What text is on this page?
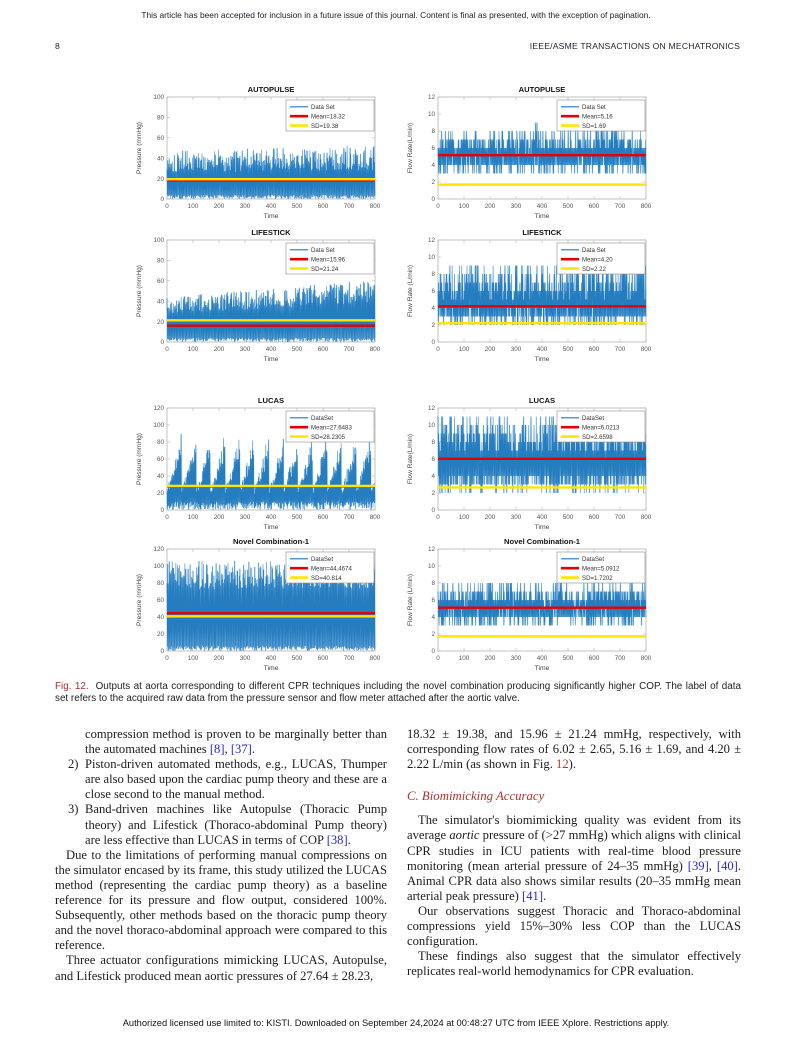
This article has been accepted for inclusion in a future issue of this journal. Content is final as presented, with the exception of pagination.
8	IEEE/ASME TRANSACTIONS ON MECHATRONICS
0	100 200 300 400 500 600 700 800
0
20
40
60
80
100
AUTOPULSE
Pressure (mmHg)
Time
Data Set
Mean=18.32
SD=19.38
0	100 200 300 400 500 600 700 800
0
2
4
6
8
10
12
AUTOPULSE
Flow Rate(L/min)
Time
Data Set
Mean=5.16
SD=1.69
0	100 200 300 400 500 600 700 800
0
20
40
60
80
100
LIFESTICK
Pressure (mmHg)
Time
Data Set
Mean=15.96
SD=21.24
0	100 200 300 400 500 600 700 800
0
2
4
6
8
10
12
LIFESTICK
Flow Rate (L/min)
Time
Data Set
Mean=4.20
SD=2.22
0	100 200 300 400 500 600 700 800
0
20
40
60
80
100
120
LUCAS
Pressure (mmHg)
Time
DataSet
Mean=27.6483
SD=28.2305
0	100 200 300 400 500 600 700 800
0
2
4
6
8
10
12
LUCAS
Flow Rate(L/min)
Time
DataSet
Mean=6.0213
SD=2.6598
0	100 200 300 400 500 600 700 800
0
20
40
60
80
100
120
Novel Combination-1
Pressure (mmHg)
Time
DataSet
Mean=44.4674
SD=40.814
0	100 200 300 400 500 600 700 800
0
2
4
6
8
10
12
Novel Combination-1
Flow Rate (L/min)
Time
DataSet
Mean=5.0912
SD=1.7202
Fig. 12. Outputs at aorta corresponding to different CPR techniques including the novel combination producing significantly higher COP. The label of data set refers to the acquired raw data from the pressure sensor and flow meter attached after the aortic valve.
compression method is proven to be marginally better than the automated machines [8], [37].
2) Piston-driven automated methods, e.g., LUCAS, Thumper are also based upon the cardiac pump theory and these are a close second to the manual method.
3) Band-driven machines like Autopulse (Thoracic Pump theory) and Lifestick (Thoraco-abdominal Pump theory) are less effective than LUCAS in terms of COP [38].
Due to the limitations of performing manual compressions on the simulator encased by its frame, this study utilized the LUCAS method (representing the cardiac pump theory) as a baseline reference for its pressure and flow output, considered 100%. Subsequently, other methods based on the thoracic pump theory and the novel thoraco-abdominal approach were compared to this reference.
Three actuator configurations mimicking LUCAS, Autopulse, and Lifestick produced mean aortic pressures of 27.64 ± 28.23,
18.32 ± 19.38, and 15.96 ± 21.24 mmHg, respectively, with corresponding flow rates of 6.02 ± 2.65, 5.16 ± 1.69, and 4.20 ± 2.22 L/min (as shown in Fig. 12).
C. Biomimicking Accuracy
The simulator's biomimicking quality was evident from its average aortic pressure of (>27 mmHg) which aligns with clinical CPR studies in ICU patients with real-time blood pressure monitoring (mean arterial pressure of 24–35 mmHg) [39], [40]. Animal CPR data also shows similar results (20–35 mmHg mean arterial peak pressure) [41].
Our observations suggest Thoracic and Thoraco-abdominal compressions yield 15%–30% less COP than the LUCAS configuration.
These findings also suggest that the simulator effectively replicates real-world hemodynamics for CPR evaluation.
Authorized licensed use limited to: KISTI. Downloaded on September 24,2024 at 00:48:27 UTC from IEEE Xplore. Restrictions apply.
